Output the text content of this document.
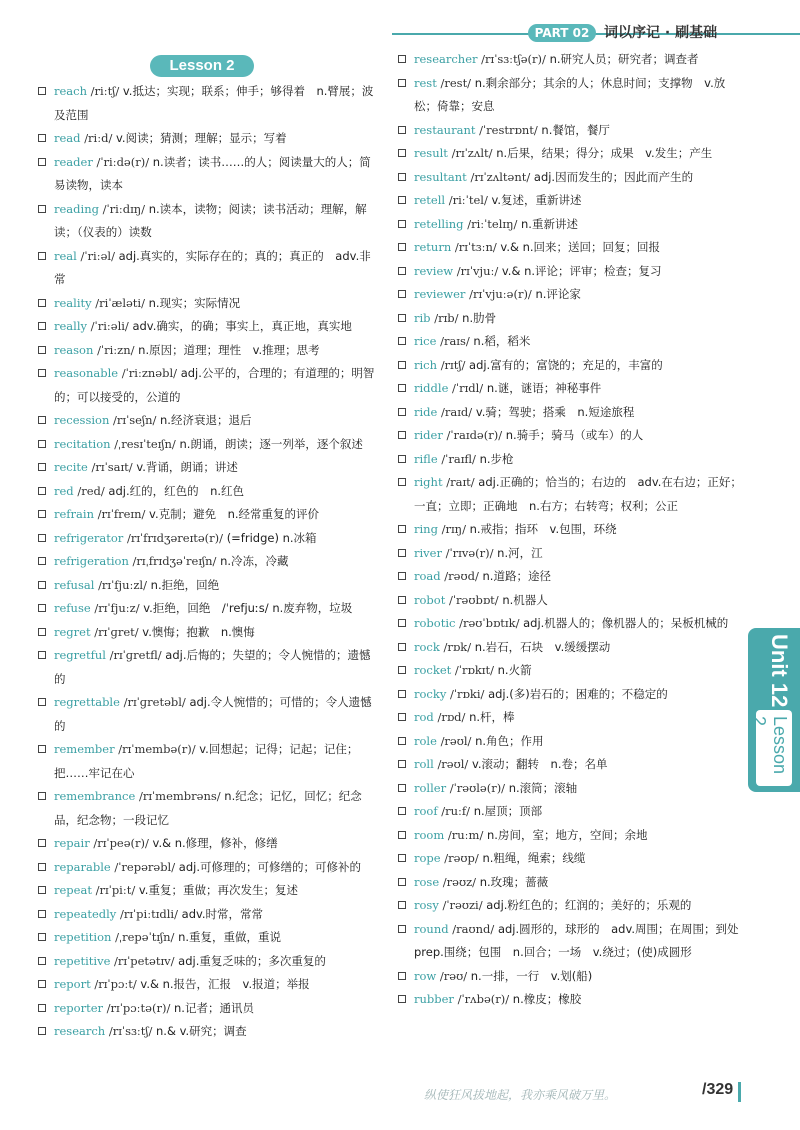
PART 02	词以序记 · 刷基础
Lesson 2
reach /riːtʃ/ v.抵达；实现；联系；伸手；够得着　n.臂展；波及范围
read /riːd/ v.阅读；猜测；理解；显示；写着
reader /ˈriːdə(r)/ n.读者；读书……的人；阅读量大的人；简易读物，读本
reading /ˈriːdɪŋ/ n.读本，读物；阅读；读书活动；理解，解读；（仪表的）读数
real /ˈriːəl/ adj.真实的，实际存在的；真的；真正的　adv.非常
reality /riˈæləti/ n.现实；实际情况
really /ˈriːəli/ adv.确实，的确；事实上，真正地，真实地
reason /ˈriːzn/ n.原因；道理；理性　v.推理；思考
reasonable /ˈriːznəbl/ adj.公平的，合理的；有道理的；明智的；可以接受的，公道的
recession /rɪˈseʃn/ n.经济衰退；退后
recitation /ˌresɪˈteɪʃn/ n.朗诵，朗读；逐一列举，逐个叙述
recite /rɪˈsaɪt/ v.背诵，朗诵；讲述
red /red/ adj.红的，红色的　n.红色
refrain /rɪˈfreɪn/ v.克制；避免　n.经常重复的评价
refrigerator /rɪˈfrɪdʒəreɪtə(r)/ (=fridge) n.冰箱
refrigeration /rɪˌfrɪdʒəˈreɪʃn/ n.冷冻，冷藏
refusal /rɪˈfjuːzl/ n.拒绝，回绝
refuse /rɪˈfjuːz/ v.拒绝，回绝　/ˈrefjuːs/ n.废弃物，垃圾
regret /rɪˈɡret/ v.懊悔；抱歉　n.懊悔
regretful /rɪˈɡretfl/ adj.后悔的；失望的；令人惋惜的；遗憾的
regrettable /rɪˈɡretəbl/ adj.令人惋惜的；可惜的；令人遗憾的
remember /rɪˈmembə(r)/ v.回想起；记得；记起；记住；把……牢记在心
remembrance /rɪˈmembrəns/ n.纪念；记忆，回忆；纪念品，纪念物；一段记忆
repair /rɪˈpeə(r)/ v.& n.修理，修补，修缮
reparable /ˈrepərəbl/ adj.可修理的；可修缮的；可修补的
repeat /rɪˈpiːt/ v.重复；重做；再次发生；复述
repeatedly /rɪˈpiːtɪdli/ adv.时常，常常
repetition /ˌrepəˈtɪʃn/ n.重复，重做，重说
repetitive /rɪˈpetətɪv/ adj.重复乏味的；多次重复的
report /rɪˈpɔːt/ v.& n.报告，汇报　v.报道；举报
reporter /rɪˈpɔːtə(r)/ n.记者；通讯员
research /rɪˈsɜːtʃ/ n.& v.研究；调查
researcher /rɪˈsɜːtʃə(r)/ n.研究人员；研究者；调查者
rest /rest/ n.剩余部分；其余的人；休息时间；支撑物　v.放松；倚靠；安息
restaurant /ˈrestrɒnt/ n.餐馆，餐厅
result /rɪˈzʌlt/ n.后果，结果；得分；成果　v.发生；产生
resultant /rɪˈzʌltənt/ adj.因而发生的；因此而产生的
retell /riːˈtel/ v.复述，重新讲述
retelling /riːˈtelɪŋ/ n.重新讲述
return /rɪˈtɜːn/ v.& n.回来；送回；回复；回报
review /rɪˈvjuː/ v.& n.评论；评审；检查；复习
reviewer /rɪˈvjuːə(r)/ n.评论家
rib /rɪb/ n.肋骨
rice /raɪs/ n.稻，稻米
rich /rɪtʃ/ adj.富有的；富饶的；充足的，丰富的
riddle /ˈrɪdl/ n.谜，谜语；神秘事件
ride /raɪd/ v.骑；驾驶；搭乘　n.短途旅程
rider /ˈraɪdə(r)/ n.骑手；骑马（或车）的人
rifle /ˈraɪfl/ n.步枪
right /raɪt/ adj.正确的；恰当的；右边的　adv.在右边；正好；一直；立即；正确地　n.右方；右转弯；权利；公正
ring /rɪŋ/ n.戒指；指环　v.包围，环绕
river /ˈrɪvə(r)/ n.河，江
road /rəʊd/ n.道路；途径
robot /ˈrəʊbɒt/ n.机器人
robotic /rəʊˈbɒtɪk/ adj.机器人的；像机器人的；呆板机械的
rock /rɒk/ n.岩石，石块　v.缓缓摆动
rocket /ˈrɒkɪt/ n.火箭
rocky /ˈrɒki/ adj.(多)岩石的；困难的；不稳定的
rod /rɒd/ n.杆，棒
role /rəʊl/ n.角色；作用
roll /rəʊl/ v.滚动；翻转　n.卷；名单
roller /ˈrəʊlə(r)/ n.滚筒；滚轴
roof /ruːf/ n.屋顶；顶部
room /ruːm/ n.房间，室；地方，空间；余地
rope /rəʊp/ n.粗绳，绳索；线缆
rose /rəʊz/ n.玫瑰；蔷薇
rosy /ˈrəʊzi/ adj.粉红色的；红润的；美好的；乐观的
round /raʊnd/ adj.圆形的，球形的　adv.周围；在周围；到处　prep.围绕；包围　n.回合；一场　v.绕过；(使)成圆形
row /rəʊ/ n.一排，一行　v.划(船)
rubber /ˈrʌbə(r)/ n.橡皮；橡胶
Unit 12
Lesson 2
纵使狂风拔地起，我亦乘风破万里。	/329
